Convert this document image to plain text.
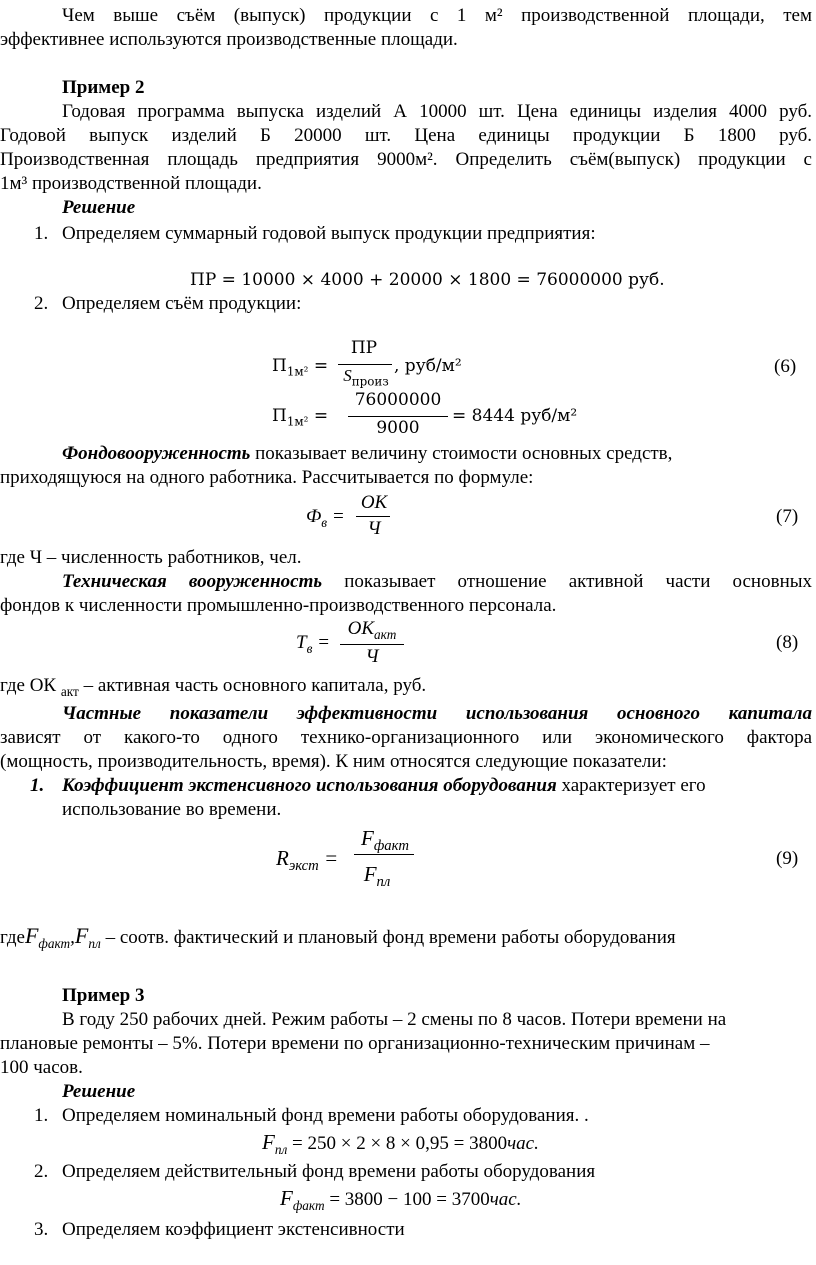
Чем выше съём (выпуск) продукции с 1 м² производственной площади, тем
эффективнее используются производственные площади.
Пример 2
Годовая программа выпуска изделий А 10000 шт. Цена единицы изделия 4000 руб.
Годовой выпуск изделий Б 20000 шт. Цена единицы продукции Б 1800 руб.
Производственная площадь предприятия 9000м². Определить съём(выпуск) продукции с
1м³ производственной площади.
Решение
1. Определяем суммарный годовой выпуск продукции предприятия:
ПР = 10000 × 4000 + 20000 × 1800 = 76000000 руб.
2. Определяем съём продукции:
$П_{1м^2}$ =
ПР
$S_{произ}$
, руб/м²	(6)
$П_{1м^2}$ =
76000000
9000
= 8444 руб/м²
Фондовооруженность показывает величину стоимости основных средств,
приходящуюся на одного работника. Рассчитывается по формуле:
$Ф_в$ =
ОК
Ч
(7)
где Ч – численность работников, чел.
Техническая вооруженность показывает отношение активной части основных
фондов к численности промышленно-производственного персонала.
$Т_в$ =
$ОК_{акт}$
Ч
(8)
где ОК $_{акт}$ – активная часть основного капитала, руб.
Частные показатели эффективности использования основного капитала
зависят от какого-то одного технико-организационного или экономического фактора
(мощность, производительность, время). К ним относятся следующие показатели:
1. Коэффициент экстенсивного использования оборудования характеризует его
использование во времени.
$R_{экст}$ =
$F_{факт}$
$F_{пл}$
(9)
$гдеF_{факт},F_{пл}$ – соотв. фактический и плановый фонд времени работы оборудования
Пример 3
В году 250 рабочих дней. Режим работы – 2 смены по 8 часов. Потери времени на
плановые ремонты – 5%. Потери времени по организационно-техническим причинам –
100 часов.
Решение
1. Определяем номинальный фонд времени работы оборудования. .
$F_{пл} = 250 \times 2 \times 8 \times 0,95 = 3800час$.
2. Определяем действительный фонд времени работы оборудования
$F_{факт} = 3800 - 100 = 3700час$.
3. Определяем коэффициент экстенсивности
